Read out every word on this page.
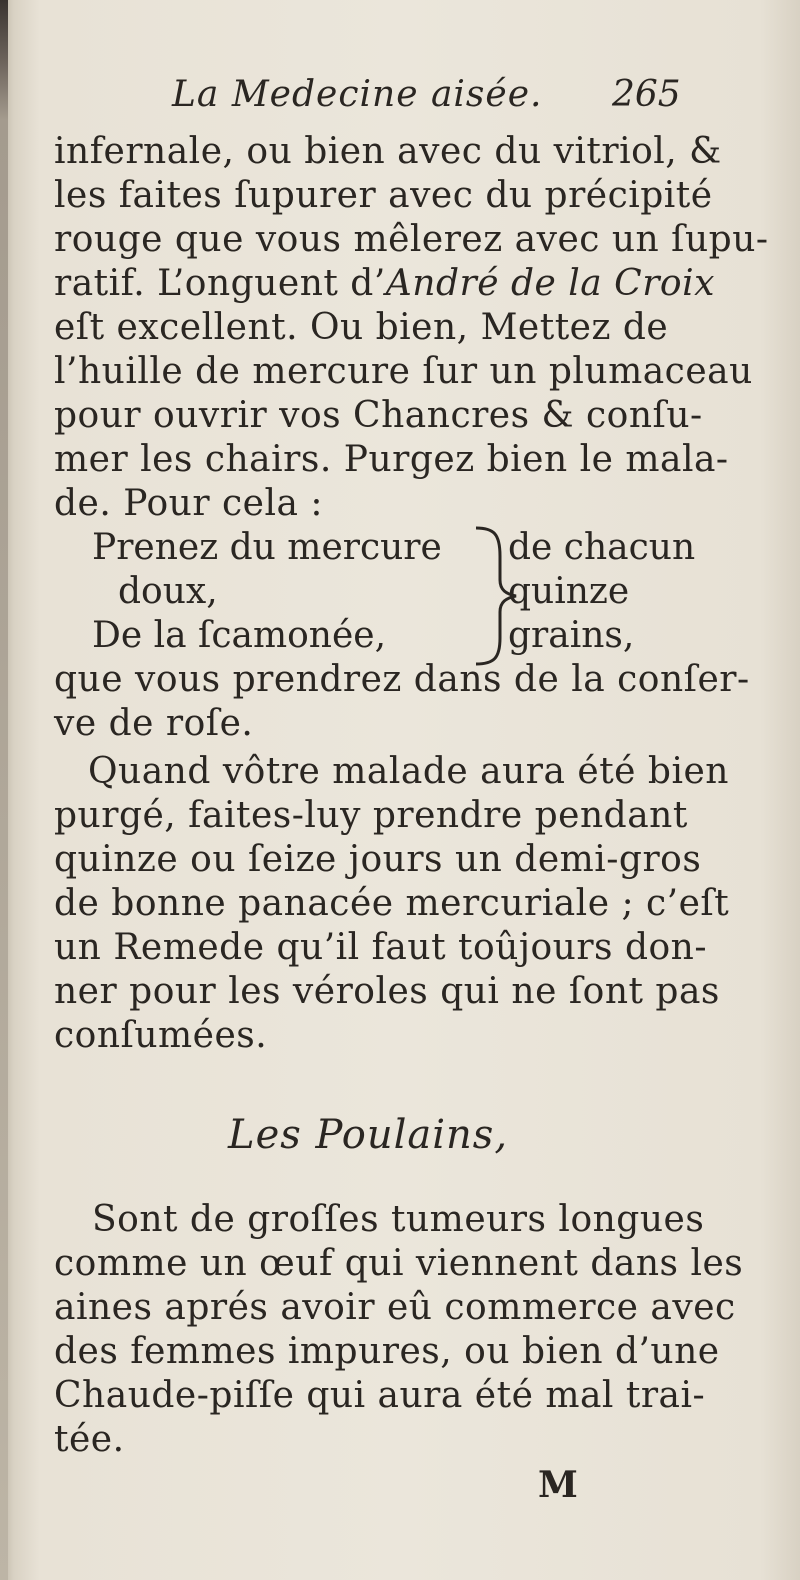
La Medecine aisée. 265
infernale, ou bien avec du vitriol, &
les faites ſupurer avec du précipité
rouge que vous mêlerez avec un ſupu-
ratif. L’onguent d’André de la Croix
eſt excellent. Ou bien, Mettez de
l’huille de mercure ſur un plumaceau
pour ouvrir vos Chancres & conſu-
mer les chairs. Purgez bien le mala-
de. Pour cela :
Prenez du mercure
doux,
De la ſcamonée,
de chacun
quinze
grains,
que vous prendrez dans de la conſer-
ve de roſe.
Quand vôtre malade aura été bien
purgé, faites-luy prendre pendant
quinze ou ſeize jours un demi-gros
de bonne panacée mercuriale ; c’eſt
un Remede qu’il faut toûjours don-
ner pour les véroles qui ne ſont pas
conſumées.
Les Poulains,
Sont de groſſes tumeurs longues
comme un œuf qui viennent dans les
aines aprés avoir eû commerce avec
des femmes impures, ou bien d’une
Chaude-piſſe qui aura été mal trai-
tée.
M
